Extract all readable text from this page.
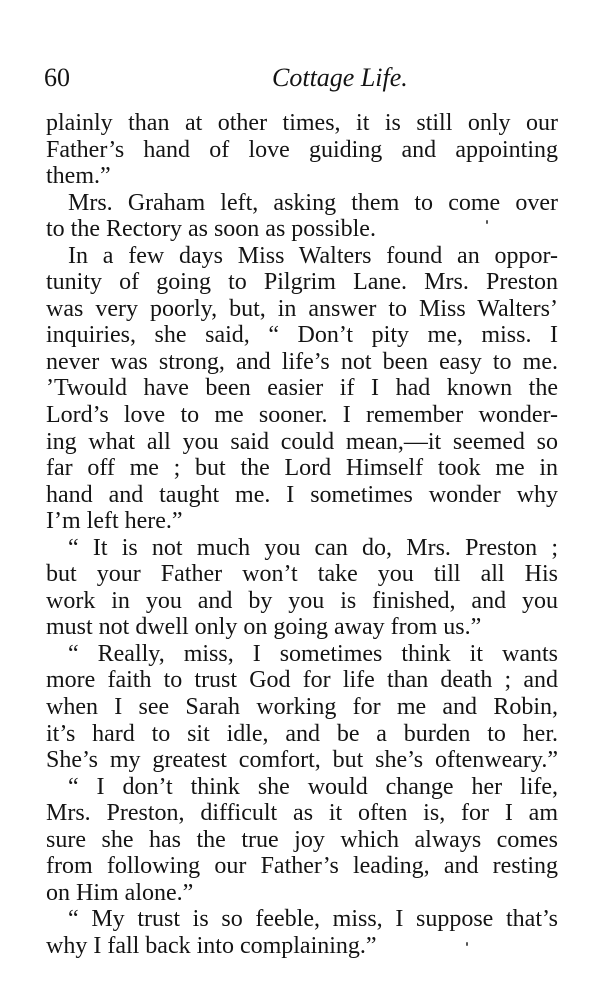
60	Cottage Life.
plainly than at other times, it is still only our
Father’s hand of love guiding and appointing
them.”
Mrs. Graham left, asking them to come over
to the Rectory as soon as possible.
In a few days Miss Walters found an oppor-
tunity of going to Pilgrim Lane. Mrs. Preston
was very poorly, but, in answer to Miss Walters’
inquiries, she said, “ Don’t pity me, miss. I
never was strong, and life’s not been easy to me.
’Twould have been easier if I had known the
Lord’s love to me sooner. I remember wonder-
ing what all you said could mean,—it seemed so
far off me ; but the Lord Himself took me in
hand and taught me. I sometimes wonder why
I’m left here.”
“ It is not much you can do, Mrs. Preston ;
but your Father won’t take you till all His
work in you and by you is finished, and you
must not dwell only on going away from us.”
“ Really, miss, I sometimes think it wants
more faith to trust God for life than death ; and
when I see Sarah working for me and Robin,
it’s hard to sit idle, and be a burden to her.
She’s my greatest comfort, but she’s oftenweary.”
“ I don’t think she would change her life,
Mrs. Preston, difficult as it often is, for I am
sure she has the true joy which always comes
from following our Father’s leading, and resting
on Him alone.”
“ My trust is so feeble, miss, I suppose that’s
why I fall back into complaining.”
